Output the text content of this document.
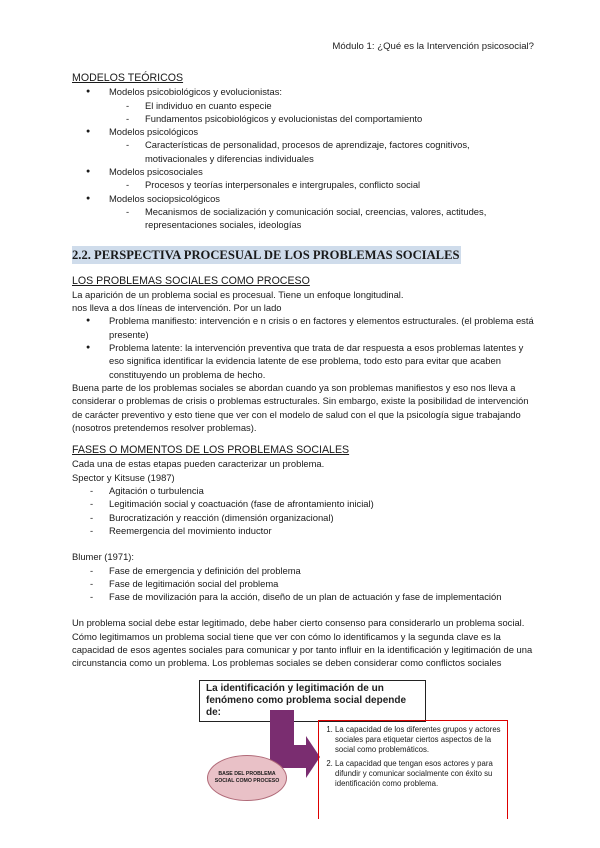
Módulo 1: ¿Qué es la Intervención psicosocial?
MODELOS TEÓRICOS
● Modelos psicobiológicos y evolucionistas:
- El individuo en cuanto especie
- Fundamentos psicobiológicos y evolucionistas del comportamiento
● Modelos psicológicos
- Características de personalidad, procesos de aprendizaje, factores cognitivos, motivacionales y diferencias individuales
● Modelos psicosociales
- Procesos y teorías interpersonales e intergrupales, conflicto social
● Modelos sociopsicológicos
- Mecanismos de socialización y comunicación social, creencias, valores, actitudes, representaciones sociales, ideologías
2.2. PERSPECTIVA PROCESUAL DE LOS PROBLEMAS SOCIALES
LOS PROBLEMAS SOCIALES COMO PROCESO

La aparición de un problema social es procesual. Tiene un enfoque longitudinal.

nos lleva a dos líneas de intervención. Por un lado

● Problema manifiesto: intervención e n crisis o en factores y elementos estructurales. (el problema está presente)
● Problema latente: la intervención preventiva que trata de dar respuesta a esos problemas latentes y eso significa identificar la evidencia latente de ese problema, todo esto para evitar que acaben constituyendo un problema de hecho.

Buena parte de los problemas sociales se abordan cuando ya son problemas manifiestos y eso nos lleva a considerar o problemas de crisis o problemas estructurales. Sin embargo, existe la posibilidad de intervención de carácter preventivo y esto tiene que ver con el modelo de salud con el que la psicología sigue trabajando (nosotros pretendemos resolver problemas).

FASES O MOMENTOS DE LOS PROBLEMAS SOCIALES

Cada una de estas etapas pueden caracterizar un problema.

Spector y Kitsuse (1987)

- Agitación o turbulencia
- Legitimación social y coactuación (fase de afrontamiento inicial)
- Burocratización y reacción (dimensión organizacional)
- Reemergencia del movimiento inductor

Blumer (1971):

- Fase de emergencia y definición del problema
- Fase de legitimación social del problema
- Fase de movilización para la acción, diseño de un plan de actuación y fase de implementación

Un problema social debe estar legitimado, debe haber cierto consenso para considerarlo un problema social. Cómo legitimamos un problema social tiene que ver con cómo lo identificamos y la segunda clave es la capacidad de esos agentes sociales para comunicar y por tanto influir en la identificación y legitimación de una circunstancia como un problema. Los problemas sociales se deben considerar como conflictos sociales

La identificación y legitimación de un fenómeno como problema social depende de:
BASE DEL PROBLEMA SOCIAL COMO PROCESO
1. La capacidad de los diferentes grupos y actores sociales para etiquetar ciertos aspectos de la social como problemáticos.
2. La capacidad que tengan esos actores y para difundir y comunicar socialmente con éxito su identificación como problema.
